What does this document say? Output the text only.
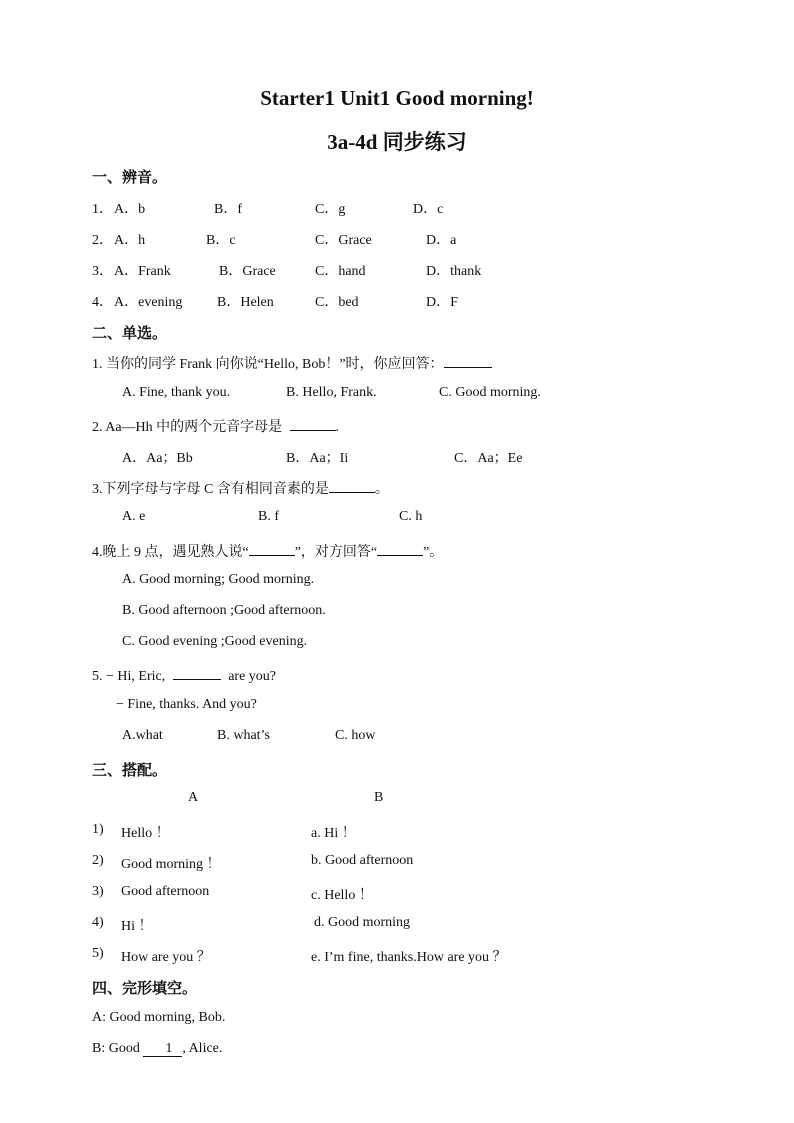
Starter1 Unit1 Good morning!
3a-4d 同步练习
一、辨音。
1． A．b	B．f	C．g	D．c
2． A．h	B．c	C．Grace	D．a
3． A．Frank	B．Grace	C．hand	D．thank
4． A．evening B．Helen	C．bed	D．F
二、单选。
1. 当你的同学 Frank 向你说“Hello, Bob！”时，你应回答：
A. Fine, thank you.	B. Hello, Frank.	C. Good morning.
2. Aa—Hh 中的两个元音字母是	.
A．Aa；Bb	B．Aa；Ii	C．Aa；Ee
3.下列字母与字母 C 含有相同音素的是	。
A. e	B. f	C. h
4.晚上 9 点，遇见熟人说“	”，对方回答“	”。
A. Good morning; Good morning.
B. Good afternoon ;Good afternoon.
C. Good evening ;Good evening.
5. − Hi, Eric,	are you?
− Fine, thanks. And you?
A.what	B. what’s	C. how
三、搭配。
A	B
1) Hello ！	a. Hi ！
2) Good morning ！	b. Good afternoon
3) Good afternoon	c. Hello ！
4) Hi ！	d. Good morning
5) How are you ？	e. I’m fine, thanks.How are you ？
四、完形填空。
A: Good morning, Bob.
B: Good 1 , Alice.
